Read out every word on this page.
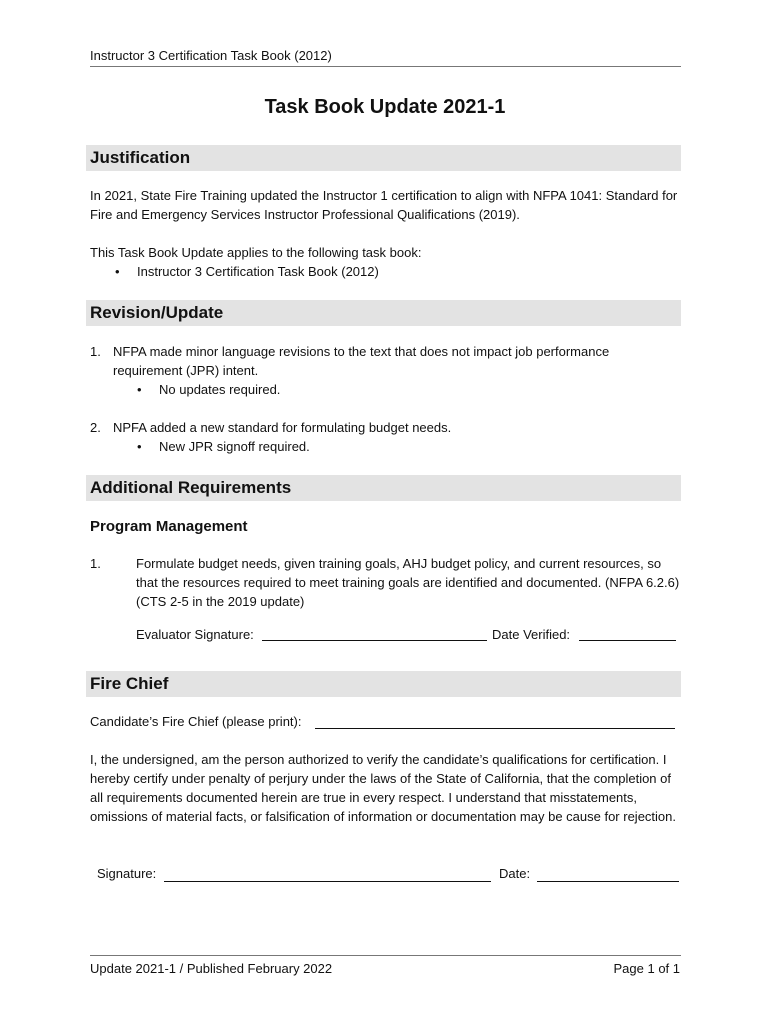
Instructor 3 Certification Task Book (2012)
Task Book Update 2021-1
Justification

In 2021, State Fire Training updated the Instructor 1 certification to align with NFPA 1041: Standard for Fire and Emergency Services Instructor Professional Qualifications (2019).

This Task Book Update applies to the following task book:

• Instructor 3 Certification Task Book (2012)
Revision/Update
1. NFPA made minor language revisions to the text that does not impact job performance requirement (JPR) intent.
• No updates required.
2. NPFA added a new standard for formulating budget needs.
• New JPR signoff required.
Additional Requirements
Program Management
1.	Formulate budget needs, given training goals, AHJ budget policy, and current resources, so that the resources required to meet training goals are identified and documented. (NFPA 6.2.6) (CTS 2-5 in the 2019 update)
Evaluator Signature:	Date Verified:
Fire Chief
Candidate’s Fire Chief (please print):

I, the undersigned, am the person authorized to verify the candidate’s qualifications for certification. I hereby certify under penalty of perjury under the laws of the State of California, that the completion of all requirements documented herein are true in every respect. I understand that misstatements, omissions of material facts, or falsification of information or documentation may be cause for rejection.

Signature:	Date:
Update 2021-1 / Published February 2022	Page 1 of 1
